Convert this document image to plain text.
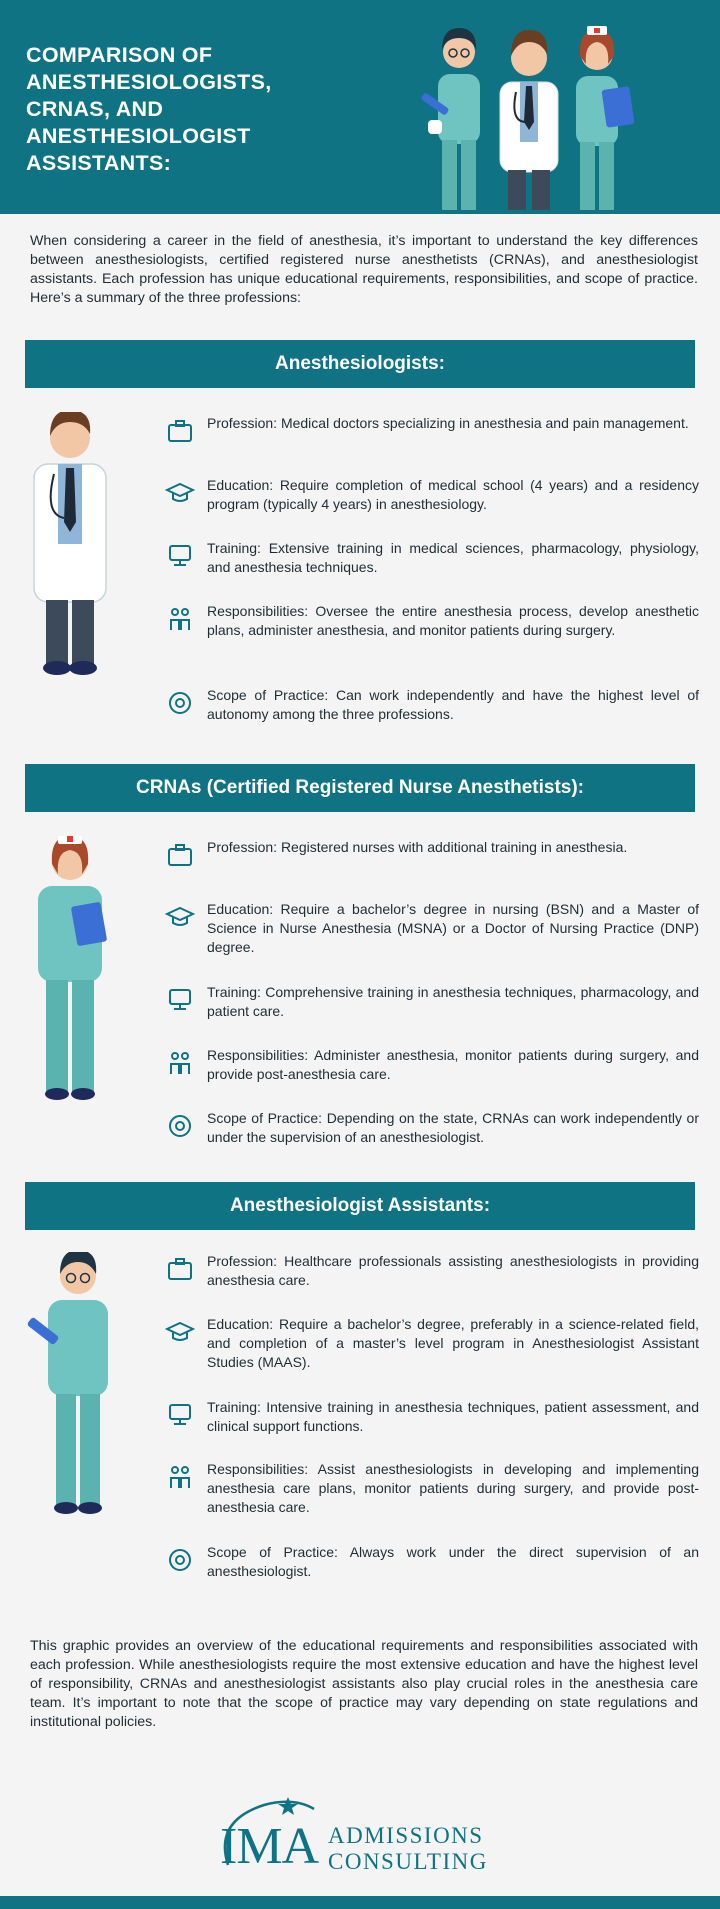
COMPARISON OF ANESTHESIOLOGISTS, CRNAS, AND ANESTHESIOLOGIST ASSISTANTS:
When considering a career in the field of anesthesia, it’s important to understand the key differences between anesthesiologists, certified registered nurse anesthetists (CRNAs), and anesthesiologist assistants. Each profession has unique educational requirements, responsibilities, and scope of practice. Here’s a summary of the three professions:
Anesthesiologists:
Profession: Medical doctors specializing in anesthesia and pain management.
Education: Require completion of medical school (4 years) and a residency program (typically 4 years) in anesthesiology.
Training: Extensive training in medical sciences, pharmacology, physiology, and anesthesia techniques.
Responsibilities: Oversee the entire anesthesia process, develop anesthetic plans, administer anesthesia, and monitor patients during surgery.
Scope of Practice: Can work independently and have the highest level of autonomy among the three professions.
CRNAs (Certified Registered Nurse Anesthetists):
Profession: Registered nurses with additional training in anesthesia.
Education: Require a bachelor’s degree in nursing (BSN) and a Master of Science in Nurse Anesthesia (MSNA) or a Doctor of Nursing Practice (DNP) degree.
Training: Comprehensive training in anesthesia techniques, pharmacology, and patient care.
Responsibilities: Administer anesthesia, monitor patients during surgery, and provide post-anesthesia care.
Scope of Practice: Depending on the state, CRNAs can work independently or under the supervision of an anesthesiologist.
Anesthesiologist Assistants:
Profession: Healthcare professionals assisting anesthesiologists in providing anesthesia care.
Education: Require a bachelor’s degree, preferably in a science-related field, and completion of a master’s level program in Anesthesiologist Assistant Studies (MAAS).
Training: Intensive training in anesthesia techniques, patient assessment, and clinical support functions.
Responsibilities: Assist anesthesiologists in developing and implementing anesthesia care plans, monitor patients during surgery, and provide post-anesthesia care.
Scope of Practice: Always work under the direct supervision of an anesthesiologist.
This graphic provides an overview of the educational requirements and responsibilities associated with each profession. While anesthesiologists require the most extensive education and have the highest level of responsibility, CRNAs and anesthesiologist assistants also play crucial roles in the anesthesia care team. It’s important to note that the scope of practice may vary depending on state regulations and institutional policies.
IMA ADMISSIONS
CONSULTING
